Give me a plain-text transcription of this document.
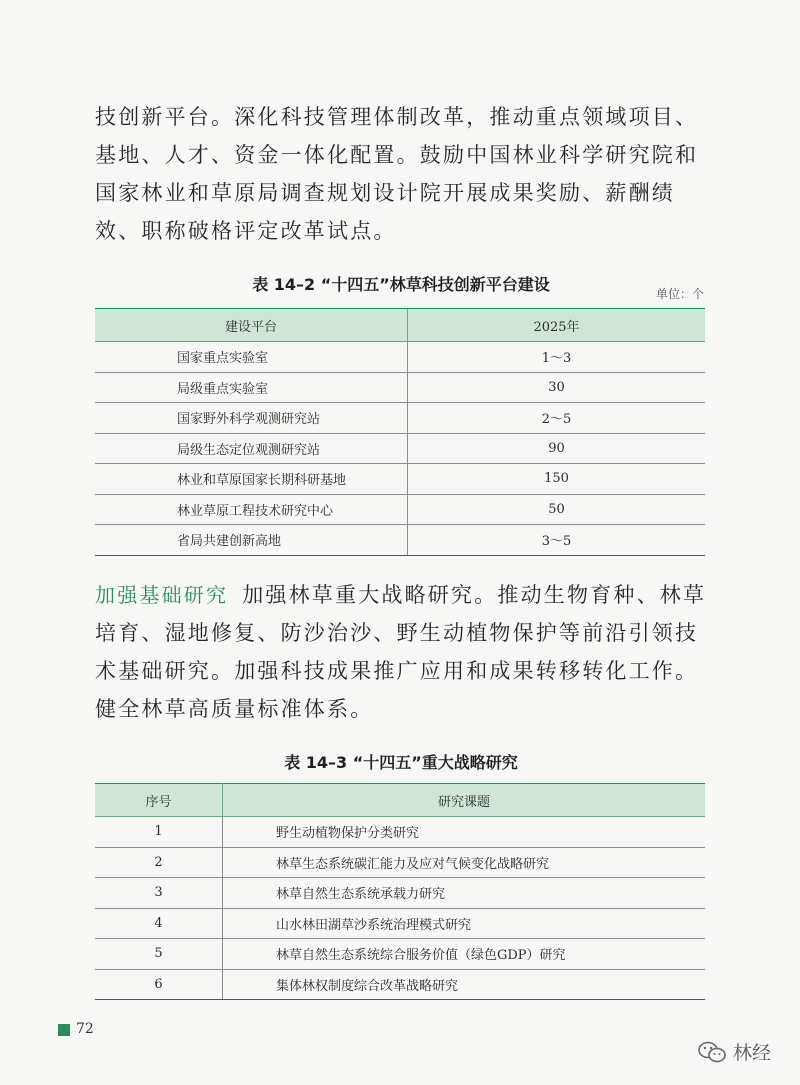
技创新平台。深化科技管理体制改革，推动重点领域项目、基地、人才、资金一体化配置。鼓励中国林业科学研究院和国家林业和草原局调查规划设计院开展成果奖励、薪酬绩效、职称破格评定改革试点。

表 14–2 “十四五”林草科技创新平台建设	单位：个
建设平台	2025年
国家重点实验室	1～3
局级重点实验室	30
国家野外科学观测研究站	2～5
局级生态定位观测研究站	90
林业和草原国家长期科研基地	150
林业草原工程技术研究中心	50
省局共建创新高地	3～5

加强基础研究 加强林草重大战略研究。推动生物育种、林草培育、湿地修复、防沙治沙、野生动植物保护等前沿引领技术基础研究。加强科技成果推广应用和成果转移转化工作。健全林草高质量标准体系。

表 14–3 “十四五”重大战略研究
序号	研究课题
1	野生动植物保护分类研究
2	林草生态系统碳汇能力及应对气候变化战略研究
3	林草自然生态系统承载力研究
4	山水林田湖草沙系统治理模式研究
5	林草自然生态系统综合服务价值（绿色GDP）研究
6	集体林权制度综合改革战略研究
72
林经
